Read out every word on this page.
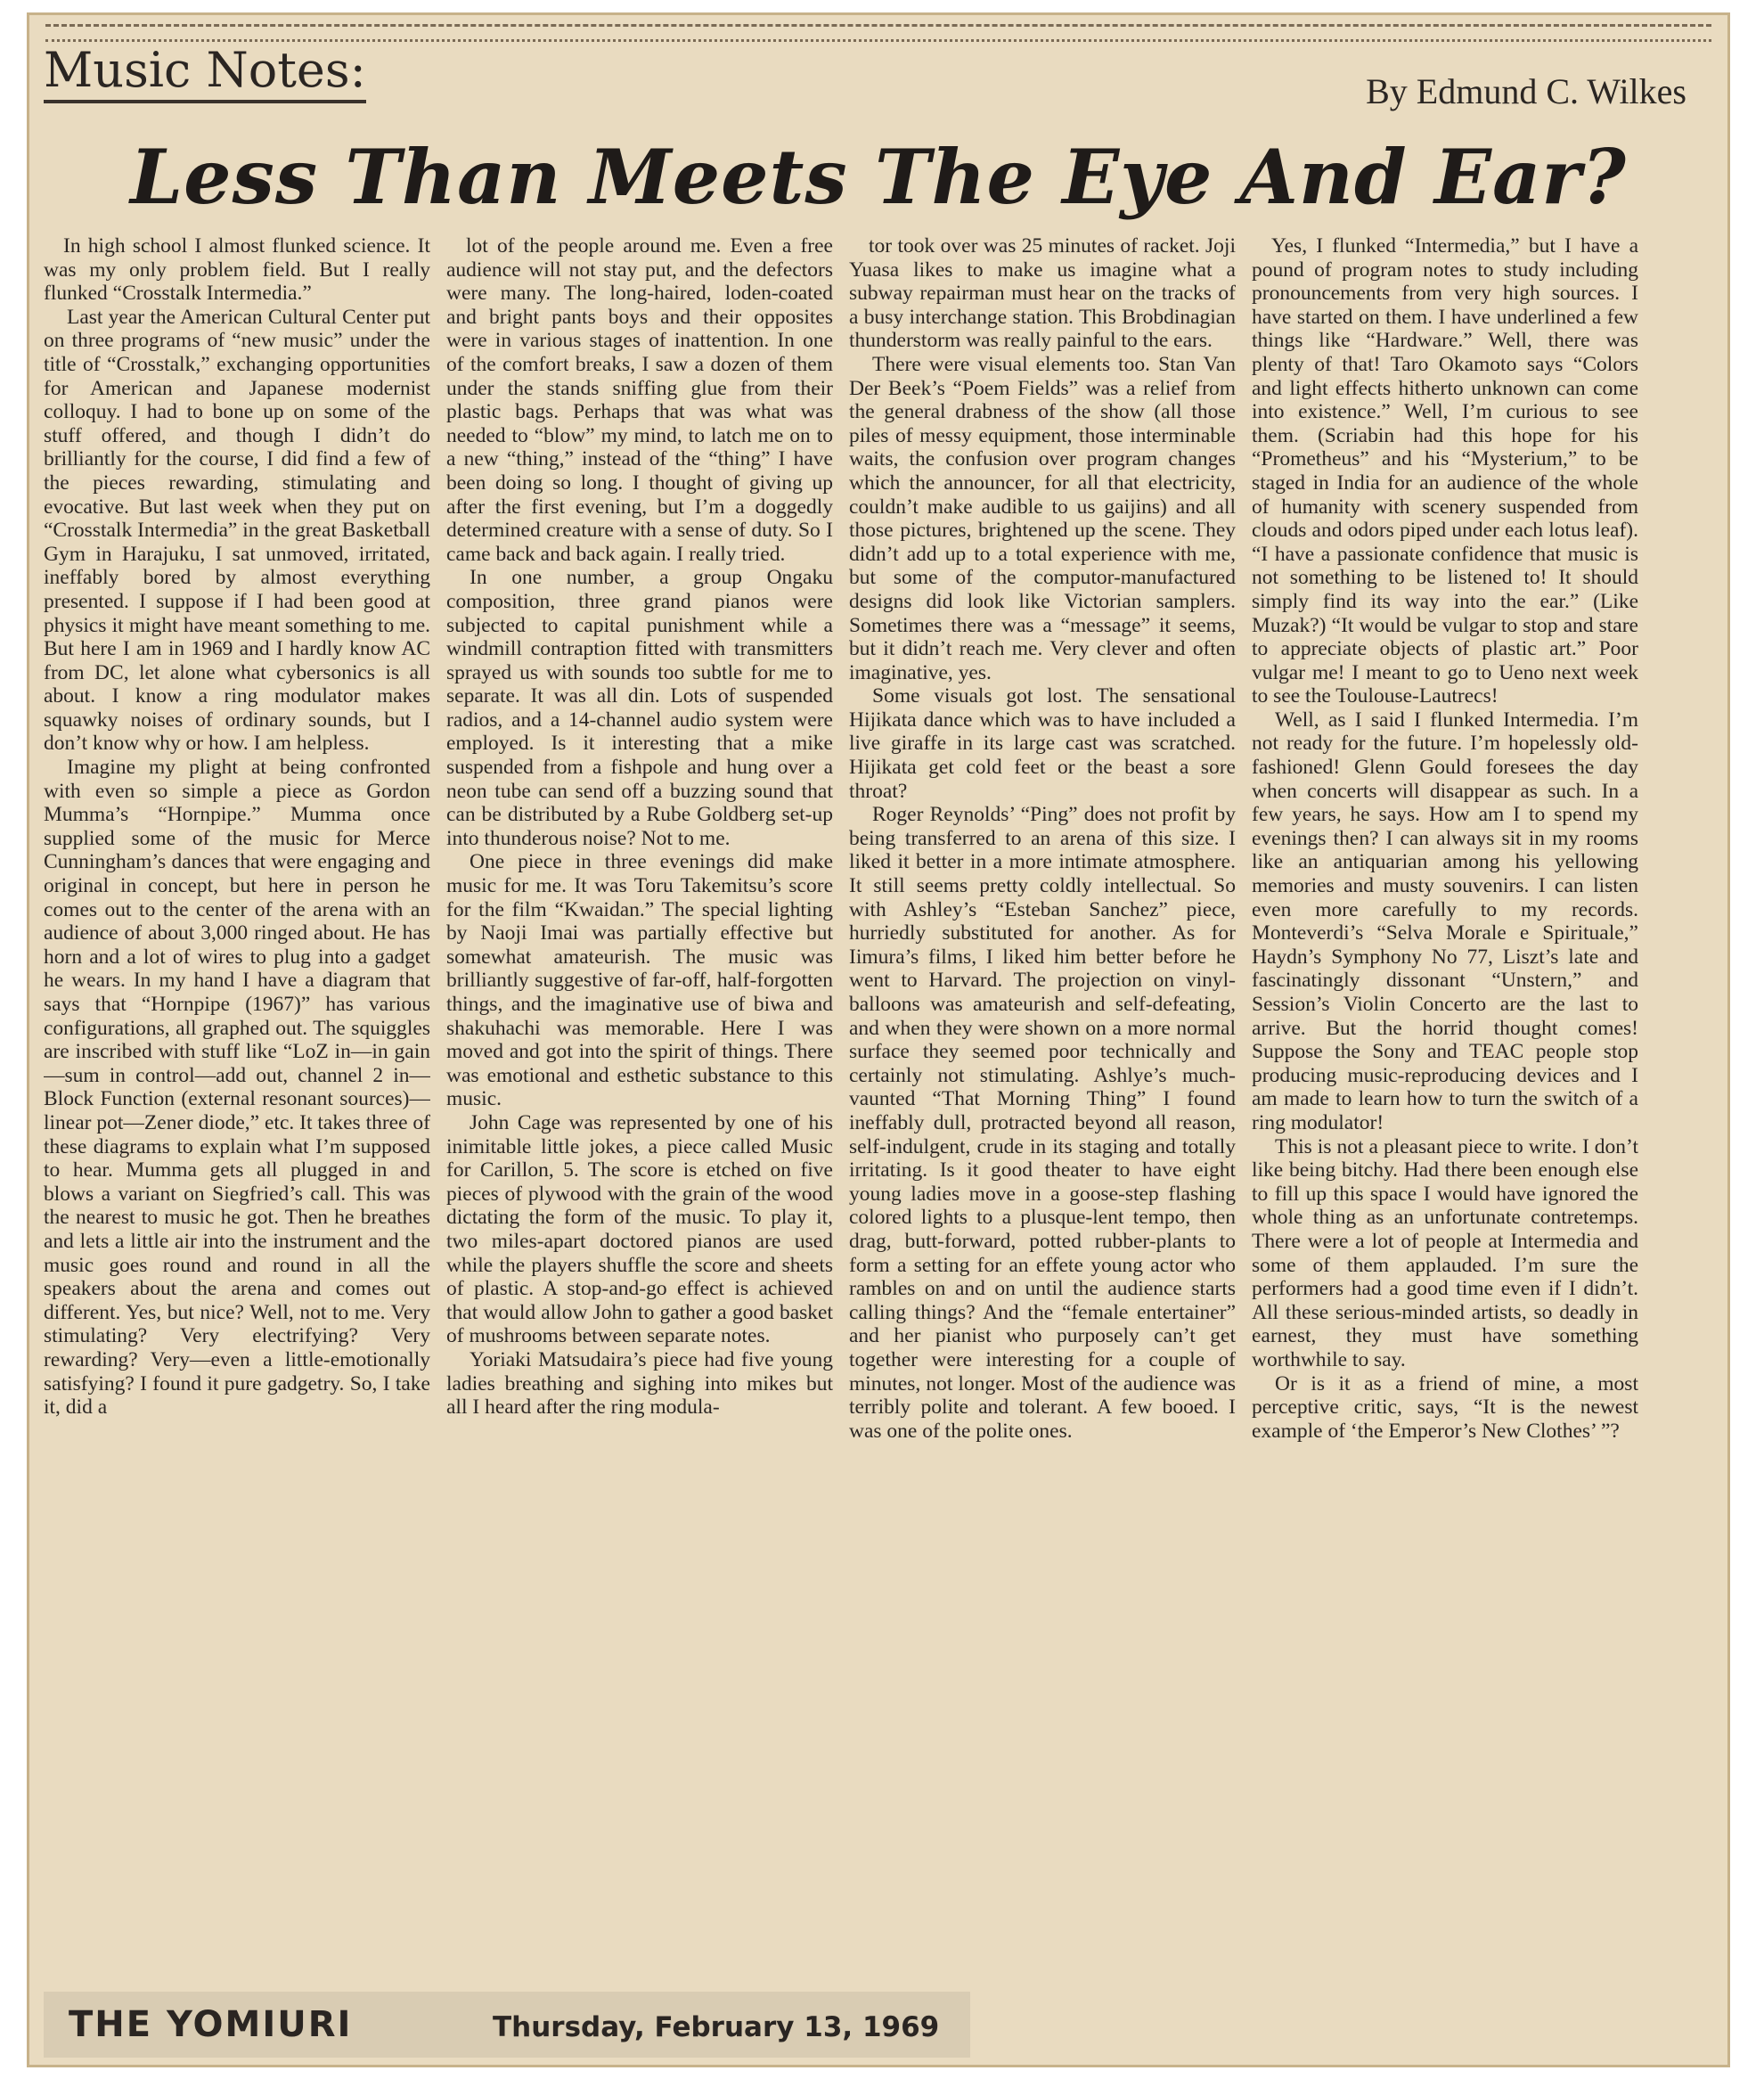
Music Notes:	By Edmund C. Wilkes
Less Than Meets The Eye And Ear?

In high school I almost flunked science. It was my only problem field. But I really flunked “Crosstalk Intermedia.”

Last year the American Cultural Center put on three programs of “new music” under the title of “Crosstalk,” exchanging opportunities for American and Japanese modernist colloquy. I had to bone up on some of the stuff offered, and though I didn’t do brilliantly for the course, I did find a few of the pieces rewarding, stimulating and evocative. But last week when they put on “Crosstalk Intermedia” in the great Basketball Gym in Harajuku, I sat unmoved, irritated, ineffably bored by almost everything presented. I suppose if I had been good at physics it might have meant something to me. But here I am in 1969 and I hardly know AC from DC, let alone what cybersonics is all about. I know a ring modulator makes squawky noises of ordinary sounds, but I don’t know why or how. I am helpless.

Imagine my plight at being confronted with even so simple a piece as Gordon Mumma’s “Hornpipe.” Mumma once supplied some of the music for Merce Cunningham’s dances that were engaging and original in concept, but here in person he comes out to the center of the arena with an audience of about 3,000 ringed about. He has horn and a lot of wires to plug into a gadget he wears. In my hand I have a diagram that says that “Hornpipe (1967)” has various configurations, all graphed out. The squiggles are inscribed with stuff like “LoZ in—in gain—sum in control—add out, channel 2 in—Block Function (external resonant sources)—linear pot—Zener diode,” etc. It takes three of these diagrams to explain what I’m supposed to hear. Mumma gets all plugged in and blows a variant on Siegfried’s call. This was the nearest to music he got. Then he breathes and lets a little air into the instrument and the music goes round and round in all the speakers about the arena and comes out different. Yes, but nice? Well, not to me. Very stimulating? Very electrifying? Very rewarding? Very—even a little-emotionally satisfying? I found it pure gadgetry. So, I take it, did a

lot of the people around me. Even a free audience will not stay put, and the defectors were many. The long-haired, loden-coated and bright pants boys and their opposites were in various stages of inattention. In one of the comfort breaks, I saw a dozen of them under the stands sniffing glue from their plastic bags. Perhaps that was what was needed to “blow” my mind, to latch me on to a new “thing,” instead of the “thing” I have been doing so long. I thought of giving up after the first evening, but I’m a doggedly determined creature with a sense of duty. So I came back and back again. I really tried.

In one number, a group Ongaku composition, three grand pianos were subjected to capital punishment while a windmill contraption fitted with transmitters sprayed us with sounds too subtle for me to separate. It was all din. Lots of suspended radios, and a 14-channel audio system were employed. Is it interesting that a mike suspended from a fishpole and hung over a neon tube can send off a buzzing sound that can be distributed by a Rube Goldberg set-up into thunderous noise? Not to me.

One piece in three evenings did make music for me. It was Toru Takemitsu’s score for the film “Kwaidan.” The special lighting by Naoji Imai was partially effective but somewhat amateurish. The music was brilliantly suggestive of far-off, half-forgotten things, and the imaginative use of biwa and shakuhachi was memorable. Here I was moved and got into the spirit of things. There was emotional and esthetic substance to this music.

John Cage was represented by one of his inimitable little jokes, a piece called Music for Carillon, 5. The score is etched on five pieces of plywood with the grain of the wood dictating the form of the music. To play it, two miles-apart doctored pianos are used while the players shuffle the score and sheets of plastic. A stop-and-go effect is achieved that would allow John to gather a good basket of mushrooms between separate notes.

Yoriaki Matsudaira’s piece had five young ladies breathing and sighing into mikes but all I heard after the ring modula-

tor took over was 25 minutes of racket. Joji Yuasa likes to make us imagine what a subway repairman must hear on the tracks of a busy interchange station. This Brobdinagian thunderstorm was really painful to the ears.

There were visual elements too. Stan Van Der Beek’s “Poem Fields” was a relief from the general drabness of the show (all those piles of messy equipment, those interminable waits, the confusion over program changes which the announcer, for all that electricity, couldn’t make audible to us gaijins) and all those pictures, brightened up the scene. They didn’t add up to a total experience with me, but some of the computor-manufactured designs did look like Victorian samplers. Sometimes there was a “message” it seems, but it didn’t reach me. Very clever and often imaginative, yes.

Some visuals got lost. The sensational Hijikata dance which was to have included a live giraffe in its large cast was scratched. Hijikata get cold feet or the beast a sore throat?

Roger Reynolds’ “Ping” does not profit by being transferred to an arena of this size. I liked it better in a more intimate atmosphere. It still seems pretty coldly intellectual. So with Ashley’s “Esteban Sanchez” piece, hurriedly substituted for another. As for Iimura’s films, I liked him better before he went to Harvard. The projection on vinyl-balloons was amateurish and self-defeating, and when they were shown on a more normal surface they seemed poor technically and certainly not stimulating. Ashlye’s much-vaunted “That Morning Thing” I found ineffably dull, protracted beyond all reason, self-indulgent, crude in its staging and totally irritating. Is it good theater to have eight young ladies move in a goose-step flashing colored lights to a plusque-lent tempo, then drag, butt-forward, potted rubber-plants to form a setting for an effete young actor who rambles on and on until the audience starts calling things? And the “female entertainer” and her pianist who purposely can’t get together were interesting for a couple of minutes, not longer. Most of the audience was terribly polite and tolerant. A few booed. I was one of the polite ones.

Yes, I flunked “Intermedia,” but I have a pound of program notes to study including pronouncements from very high sources. I have started on them. I have underlined a few things like “Hardware.” Well, there was plenty of that! Taro Okamoto says “Colors and light effects hitherto unknown can come into existence.” Well, I’m curious to see them. (Scriabin had this hope for his “Prometheus” and his “Mysterium,” to be staged in India for an audience of the whole of humanity with scenery suspended from clouds and odors piped under each lotus leaf). “I have a passionate confidence that music is not something to be listened to! It should simply find its way into the ear.” (Like Muzak?) “It would be vulgar to stop and stare to appreciate objects of plastic art.” Poor vulgar me! I meant to go to Ueno next week to see the Toulouse-Lautrecs!

Well, as I said I flunked Intermedia. I’m not ready for the future. I’m hopelessly old-fashioned! Glenn Gould foresees the day when concerts will disappear as such. In a few years, he says. How am I to spend my evenings then? I can always sit in my rooms like an antiquarian among his yellowing memories and musty souvenirs. I can listen even more carefully to my records. Monteverdi’s “Selva Morale e Spirituale,” Haydn’s Symphony No 77, Liszt’s late and fascinatingly dissonant “Unstern,” and Session’s Violin Concerto are the last to arrive. But the horrid thought comes! Suppose the Sony and TEAC people stop producing music-reproducing devices and I am made to learn how to turn the switch of a ring modulator!

This is not a pleasant piece to write. I don’t like being bitchy. Had there been enough else to fill up this space I would have ignored the whole thing as an unfortunate contretemps. There were a lot of people at Intermedia and some of them applauded. I’m sure the performers had a good time even if I didn’t. All these serious-minded artists, so deadly in earnest, they must have something worthwhile to say.

Or is it as a friend of mine, a most perceptive critic, says, “It is the newest example of ‘the Emperor’s New Clothes’ ”?

THE YOMIURI	Thursday, February 13, 1969
